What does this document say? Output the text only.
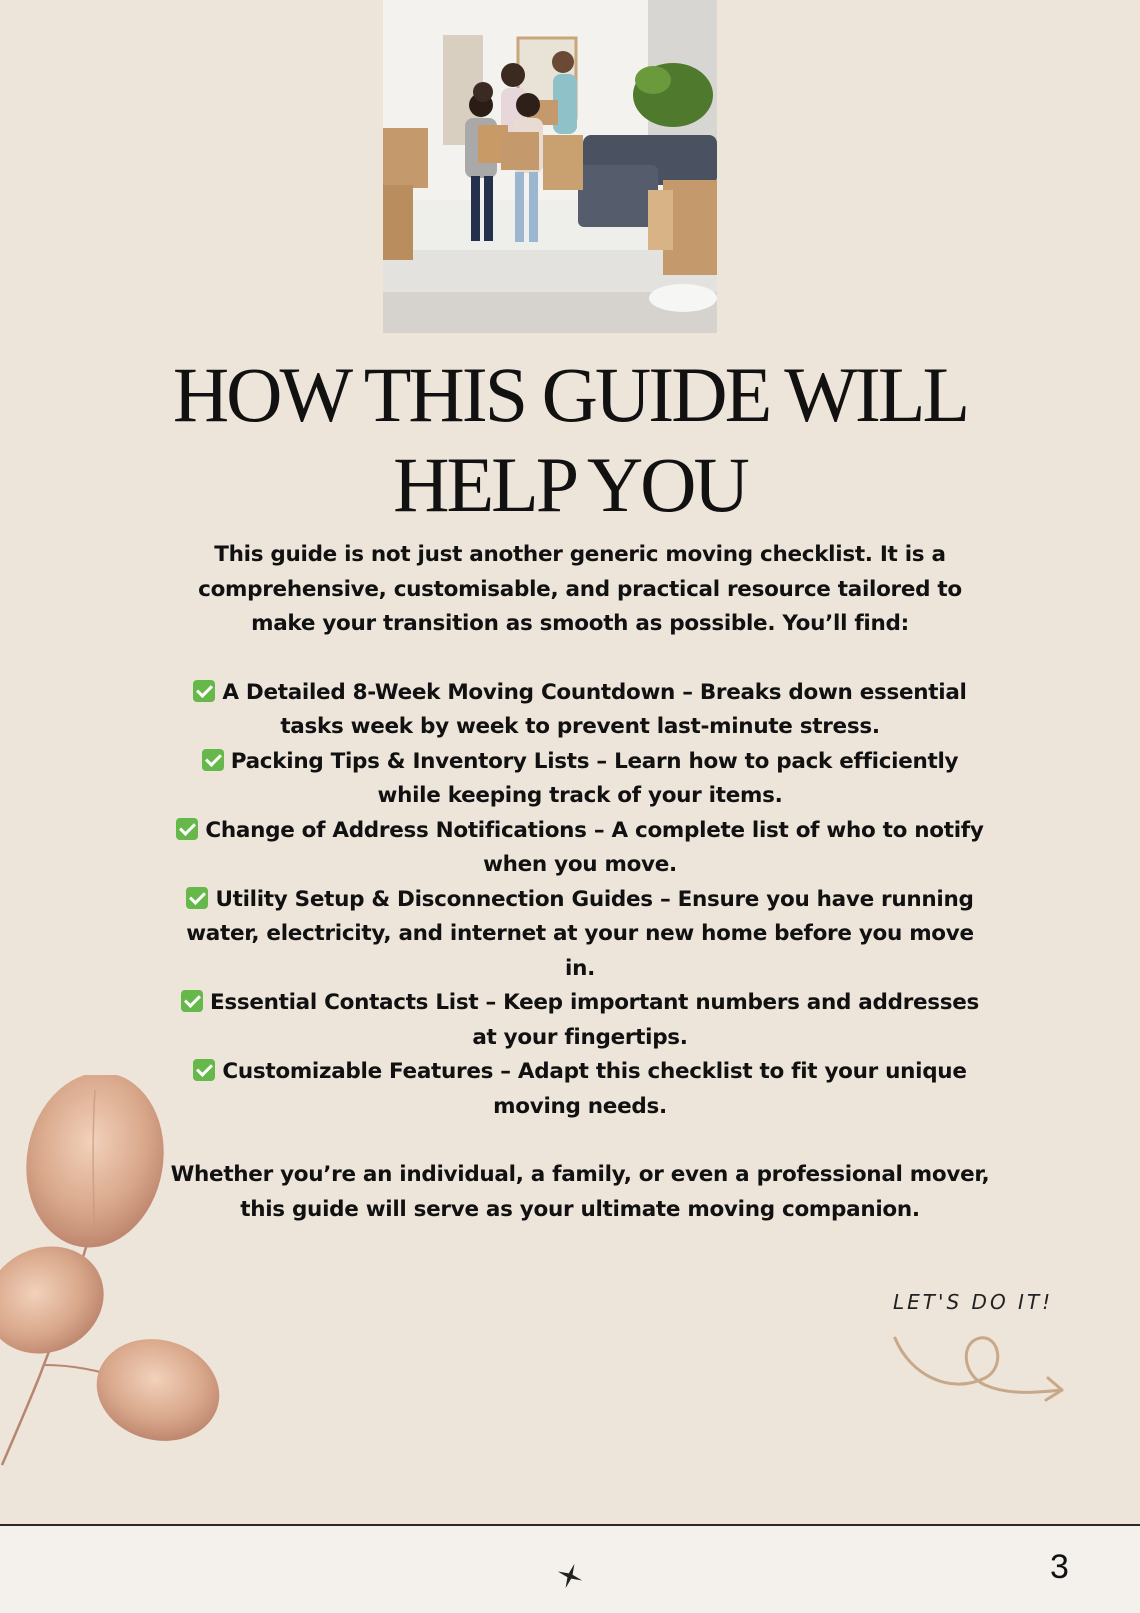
HOW THIS GUIDE WILL
HELP YOU

This guide is not just another generic moving checklist. It is a comprehensive, customisable, and practical resource tailored to make your transition as smooth as possible. You’ll find:

A Detailed 8-Week Moving Countdown – Breaks down essential tasks week by week to prevent last-minute stress.
Packing Tips & Inventory Lists – Learn how to pack efficiently while keeping track of your items.
Change of Address Notifications – A complete list of who to notify when you move.
Utility Setup & Disconnection Guides – Ensure you have running water, electricity, and internet at your new home before you move in.
Essential Contacts List – Keep important numbers and addresses at your fingertips.
Customizable Features – Adapt this checklist to fit your unique moving needs.

Whether you’re an individual, a family, or even a professional mover, this guide will serve as your ultimate moving companion.

LET'S DO IT!
3
